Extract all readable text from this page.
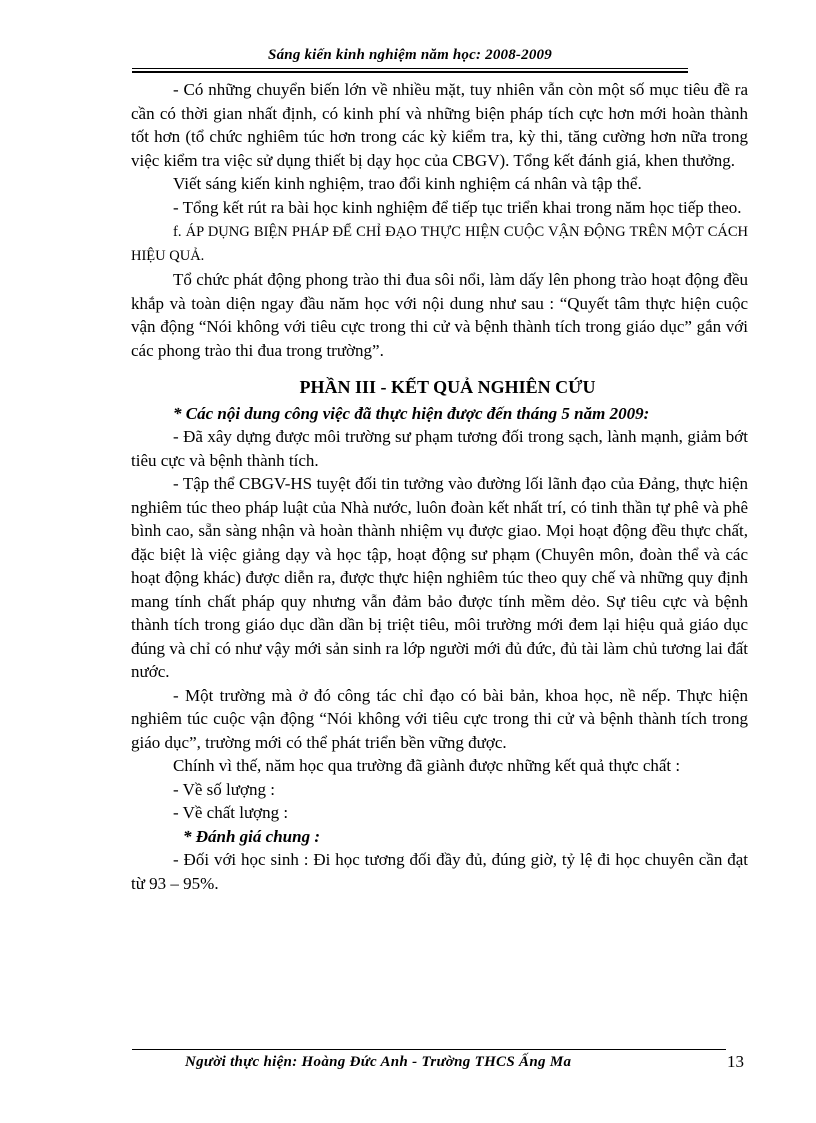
Sáng kiến kinh nghiệm năm học: 2008-2009

- Có những chuyển biến lớn về nhiều mặt, tuy nhiên vẫn còn một số mục tiêu đề ra cần có thời gian nhất định, có kinh phí và những biện pháp tích cực hơn mới hoàn thành tốt hơn (tổ chức nghiêm túc hơn trong các kỳ kiểm tra, kỳ thi, tăng cường hơn nữa trong việc kiểm tra việc sử dụng thiết bị dạy học của CBGV). Tổng kết đánh giá, khen thưởng.

Viết sáng kiến kinh nghiệm, trao đổi kinh nghiệm cá nhân và tập thể.

- Tổng kết rút ra bài học kinh nghiệm để tiếp tục triển khai trong năm học tiếp theo.

f. ÁP DỤNG BIỆN PHÁP ĐỂ CHỈ ĐẠO THỰC HIỆN CUỘC VẬN ĐỘNG TRÊN MỘT CÁCH HIỆU QUẢ.

Tổ chức phát động phong trào thi đua sôi nổi, làm dấy lên phong trào hoạt động đều khắp và toàn diện ngay đầu năm học với nội dung như sau : “Quyết tâm thực hiện cuộc vận động “Nói không với tiêu cực trong thi cử và bệnh thành tích trong giáo dục” gắn với các phong trào thi đua trong trường”.

PHẦN III - KẾT QUẢ NGHIÊN CỨU

* Các nội dung công việc đã thực hiện được đến tháng 5 năm 2009:

- Đã xây dựng được môi trường sư phạm tương đối trong sạch, lành mạnh, giảm bớt tiêu cực và bệnh thành tích.

- Tập thể CBGV-HS tuyệt đối tin tưởng vào đường lối lãnh đạo của Đảng, thực hiện nghiêm túc theo pháp luật của Nhà nước, luôn đoàn kết nhất trí, có tinh thần tự phê và phê bình cao, sẵn sàng nhận và hoàn thành nhiệm vụ được giao. Mọi hoạt động đều thực chất, đặc biệt là việc giảng dạy và học tập, hoạt động sư phạm (Chuyên môn, đoàn thể và các hoạt động khác) được diễn ra, được thực hiện nghiêm túc theo quy chế và những quy định mang tính chất pháp quy nhưng vẫn đảm bảo được tính mềm dẻo. Sự tiêu cực và bệnh thành tích trong giáo dục dần dần bị triệt tiêu, môi trường mới đem lại hiệu quả giáo dục đúng và chỉ có như vậy mới sản sinh ra lớp người mới đủ đức, đủ tài làm chủ tương lai đất nước.

- Một trường mà ở đó công tác chỉ đạo có bài bản, khoa học, nề nếp. Thực hiện nghiêm túc cuộc vận động “Nói không với tiêu cực trong thi cử và bệnh thành tích trong giáo dục”, trường mới có thể phát triển bền vững được.

Chính vì thế, năm học qua trường đã giành được những kết quả thực chất :

- Về số lượng :

- Về chất lượng :

* Đánh giá chung :

- Đối với học sinh : Đi học tương đối đầy đủ, đúng giờ, tỷ lệ đi học chuyên cần đạt từ 93 – 95%.

Người thực hiện: Hoàng Đức Anh - Trường THCS Ấng Ma	13
